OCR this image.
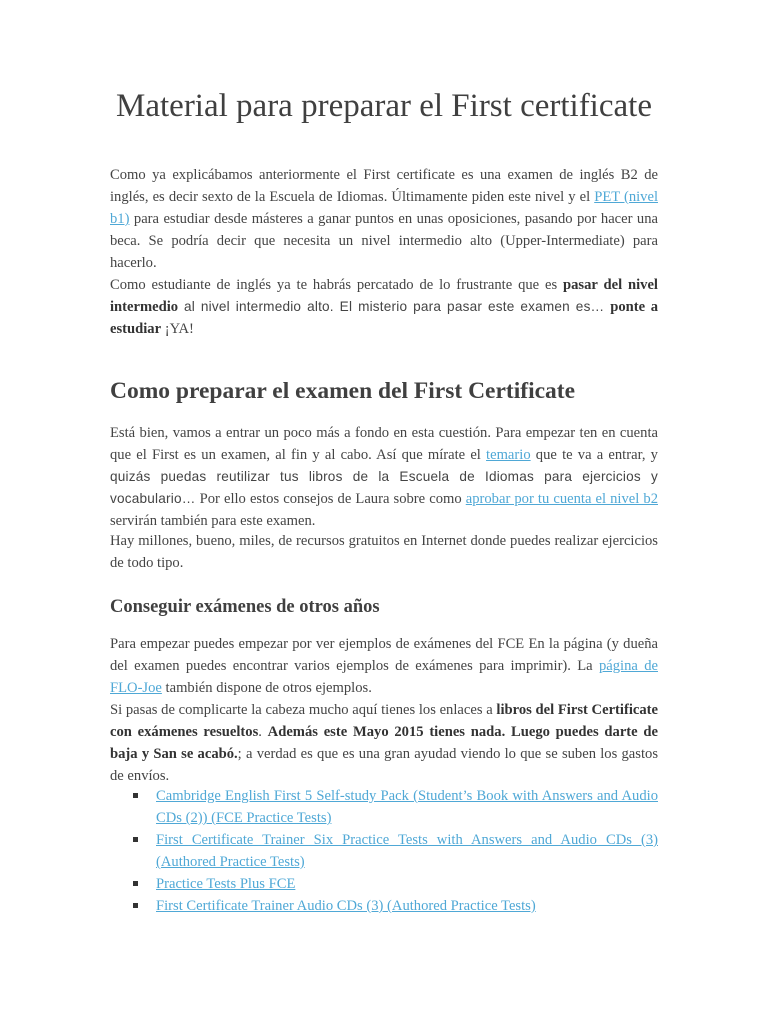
Material para preparar el First certificate

Como ya explicábamos anteriormente el First certificate es una examen de inglés B2 de inglés, es decir sexto de la Escuela de Idiomas. Últimamente piden este nivel y el PET (nivel b1) para estudiar desde másteres a ganar puntos en unas oposiciones, pasando por hacer una beca. Se podría decir que necesita un nivel intermedio alto (Upper-Intermediate) para hacerlo.

Como estudiante de inglés ya te habrás percatado de lo frustrante que es pasar del nivel intermedio al nivel intermedio alto. El misterio para pasar este examen es… ponte a estudiar ¡YA!

Como preparar el examen del First Certificate

Está bien, vamos a entrar un poco más a fondo en esta cuestión. Para empezar ten en cuenta que el First es un examen, al fin y al cabo. Así que mírate el temario que te va a entrar, y quizás puedas reutilizar tus libros de la Escuela de Idiomas para ejercicios y vocabulario… Por ello estos consejos de Laura sobre como aprobar por tu cuenta el nivel b2 servirán también para este examen.

Hay millones, bueno, miles, de recursos gratuitos en Internet donde puedes realizar ejercicios de todo tipo.

Conseguir exámenes de otros años

Para empezar puedes empezar por ver ejemplos de exámenes del FCE En la página (y dueña del examen puedes encontrar varios ejemplos de exámenes para imprimir). La página de FLO-Joe también dispone de otros ejemplos.

Si pasas de complicarte la cabeza mucho aquí tienes los enlaces a libros del First Certificate con exámenes resueltos. Además este Mayo 2015 tienes nada. Luego puedes darte de baja y San se acabó.; a verdad es que es una gran ayudad viendo lo que se suben los gastos de envíos.

Cambridge English First 5 Self-study Pack (Student’s Book with Answers and Audio CDs (2)) (FCE Practice Tests)
First Certificate Trainer Six Practice Tests with Answers and Audio CDs (3) (Authored Practice Tests)
Practice Tests Plus FCE
First Certificate Trainer Audio CDs (3) (Authored Practice Tests)
